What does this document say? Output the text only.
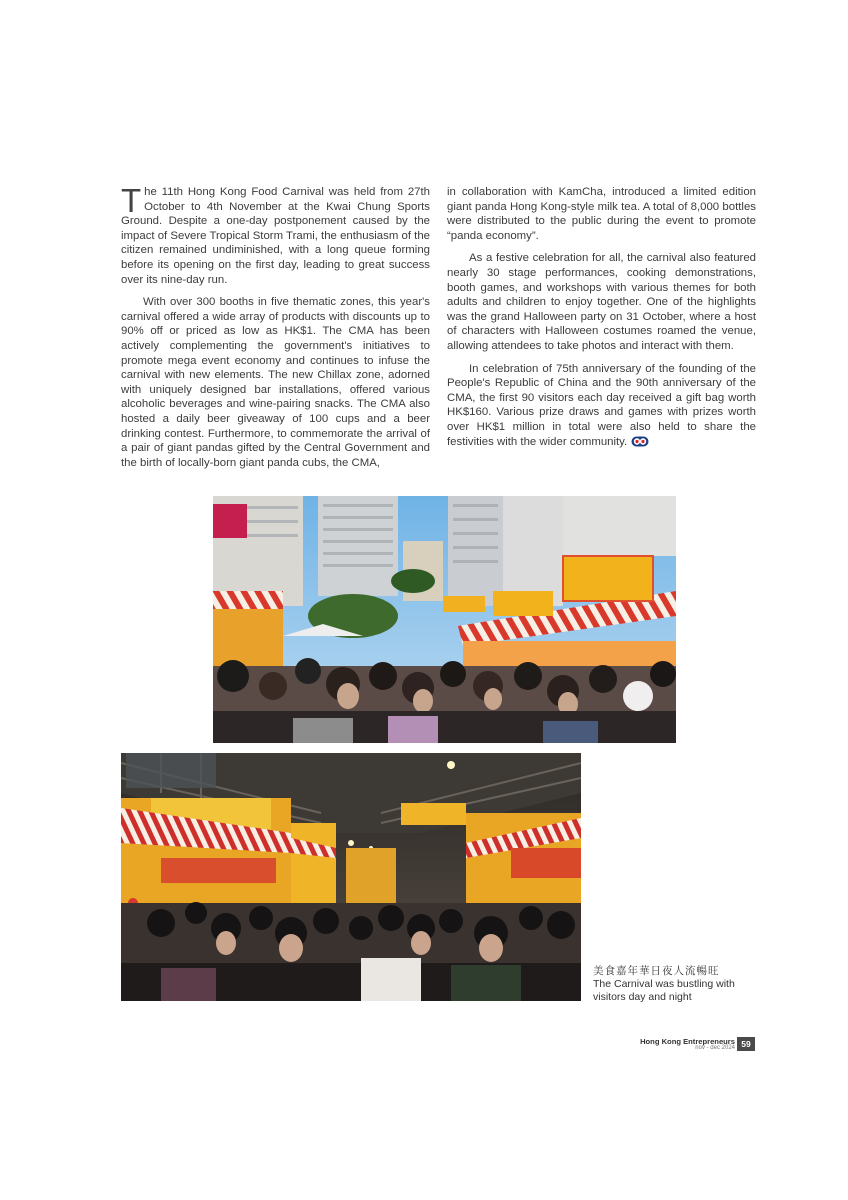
The 11th Hong Kong Food Carnival was held from 27th October to 4th November at the Kwai Chung Sports Ground. Despite a one-day postponement caused by the impact of Severe Tropical Storm Trami, the enthusiasm of the citizen remained undiminished, with a long queue forming before its opening on the first day, leading to great success over its nine-day run.

With over 300 booths in five thematic zones, this year's carnival offered a wide array of products with discounts up to 90% off or priced as low as HK$1. The CMA has been actively complementing the government's initiatives to promote mega event economy and continues to infuse the carnival with new elements. The new Chillax zone, adorned with uniquely designed bar installations, offered various alcoholic beverages and wine-pairing snacks. The CMA also hosted a daily beer giveaway of 100 cups and a beer drinking contest. Furthermore, to commemorate the arrival of a pair of giant pandas gifted by the Central Government and the birth of locally-born giant panda cubs, the CMA,

in collaboration with KamCha, introduced a limited edition giant panda Hong Kong-style milk tea. A total of 8,000 bottles were distributed to the public during the event to promote “panda economy”.

As a festive celebration for all, the carnival also featured nearly 30 stage performances, cooking demonstrations, booth games, and workshops with various themes for both adults and children to enjoy together. One of the highlights was the grand Halloween party on 31 October, where a host of characters with Halloween costumes roamed the venue, allowing attendees to take photos and interact with them.

In celebration of 75th anniversary of the founding of the People's Republic of China and the 90th anniversary of the CMA, the first 90 visitors each day received a gift bag worth HK$160. Various prize draws and games with prizes worth over HK$1 million in total were also held to share the festivities with the wider community.

美食嘉年華日夜人流暢旺
The Carnival was bustling with visitors day and night
Hong Kong Entrepreneurs
nov - dec 2024 59
